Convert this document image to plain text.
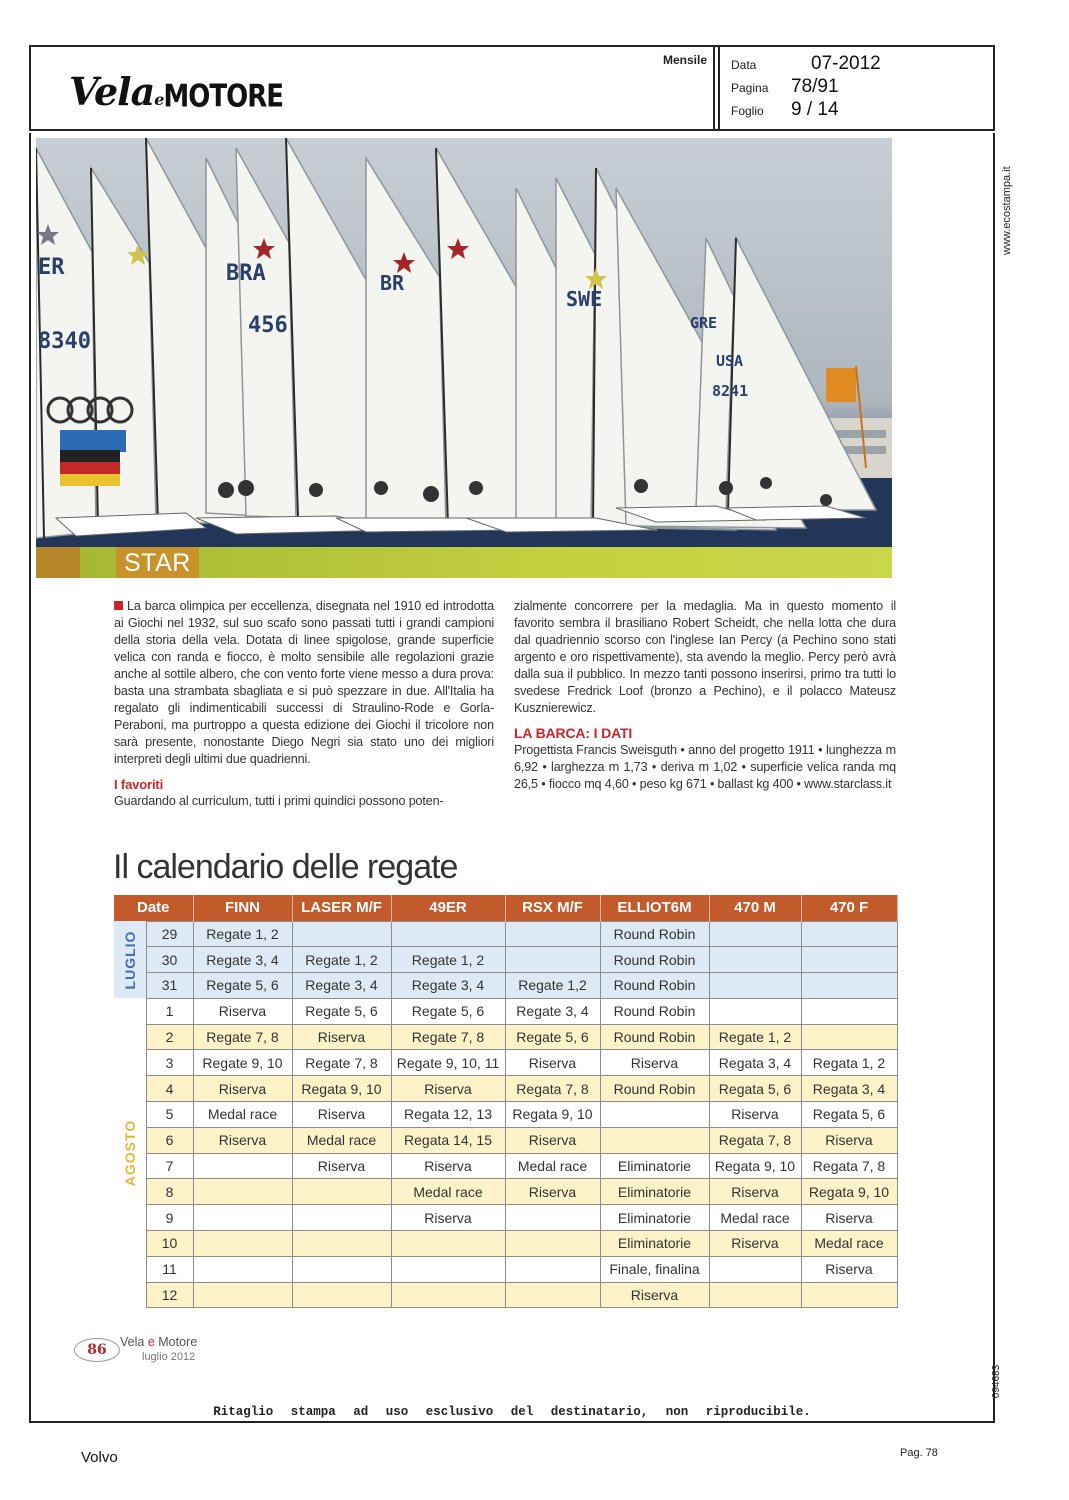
VelaeMOTORE
Mensile Data	07-2012
Pagina	78/91
Foglio	9 / 14
www.ecostampa.it
094683
ER
8340
BRA
456
BR
SWE
GRE
USA
8241
STAR

La barca olimpica per eccellenza, disegnata nel 1910 ed introdotta ai Giochi nel 1932, sul suo scafo sono passati tutti i grandi campioni della storia della vela. Dotata di linee spigolose, grande superficie velica con randa e fiocco, è molto sensibile alle regolazioni grazie anche al sottile albero, che con vento forte viene messo a dura prova: basta una strambata sbagliata e si può spezzare in due. All'Italia ha regalato gli indimenticabili successi di Straulino-Rode e Gorla-Peraboni, ma purtroppo a questa edizione dei Giochi il tricolore non sarà presente, nonostante Diego Negri sia stato uno dei migliori interpreti degli ultimi due quadrienni.

I favoriti

Guardando al curriculum, tutti i primi quindici possono poten-

zialmente concorrere per la medaglia. Ma in questo momento il favorito sembra il brasiliano Robert Scheidt, che nella lotta che dura dal quadriennio scorso con l'inglese Ian Percy (a Pechino sono stati argento e oro rispettivamente), sta avendo la meglio. Percy però avrà dalla sua il pubblico. In mezzo tanti possono inserirsi, primo tra tutti lo svedese Fredrick Loof (bronzo a Pechino), e il polacco Mateusz Kusznierewicz.

LA BARCA: I DATI

Progettista Francis Sweisguth • anno del progetto 1911 • lunghezza m 6,92 • larghezza m 1,73 • deriva m 1,02 • superficie velica randa mq 26,5 • fiocco mq 4,60 • peso kg 671 • ballast kg 400 • www.starclass.it

Il calendario delle regate
Date		FINN	LASER M/F	49ER	RSX M/F	ELLIOT6M	470 M	470 F

LUGLIO	29	Regate 1, 2				Round Robin		
	30	Regate 3, 4	Regate 1, 2	Regate 1, 2		Round Robin		
	31	Regate 5, 6	Regate 3, 4	Regate 3, 4	Regate 1,2	Round Robin		

AGOSTO	1	Riserva	Regate 5, 6	Regate 5, 6	Regate 3, 4	Round Robin		
	2	Regate 7, 8	Riserva	Regate 7, 8	Regate 5, 6	Round Robin	Regate 1, 2	
	3	Regate 9, 10	Regate 7, 8	Regate 9, 10, 11	Riserva	Riserva	Regata 3, 4	Regata 1, 2
	4	Riserva	Regata 9, 10	Riserva	Regata 7, 8	Round Robin	Regata 5, 6	Regata 3, 4
	5	Medal race	Riserva	Regata 12, 13	Regata 9, 10		Riserva	Regata 5, 6
	6	Riserva	Medal race	Regata 14, 15	Riserva		Regata 7, 8	Riserva
	7		Riserva	Riserva	Medal race	Eliminatorie	Regata 9, 10	Regata 7, 8
	8			Medal race	Riserva	Eliminatorie	Riserva	Regata 9, 10
	9			Riserva		Eliminatorie	Medal race	Riserva
	10					Eliminatorie	Riserva	Medal race
	11					Finale, finalina		Riserva
	12					Riserva		
86	Vela e Motore
luglio 2012
Ritaglio stampa ad uso esclusivo del destinatario, non riproducibile.
Volvo	Pag. 78
